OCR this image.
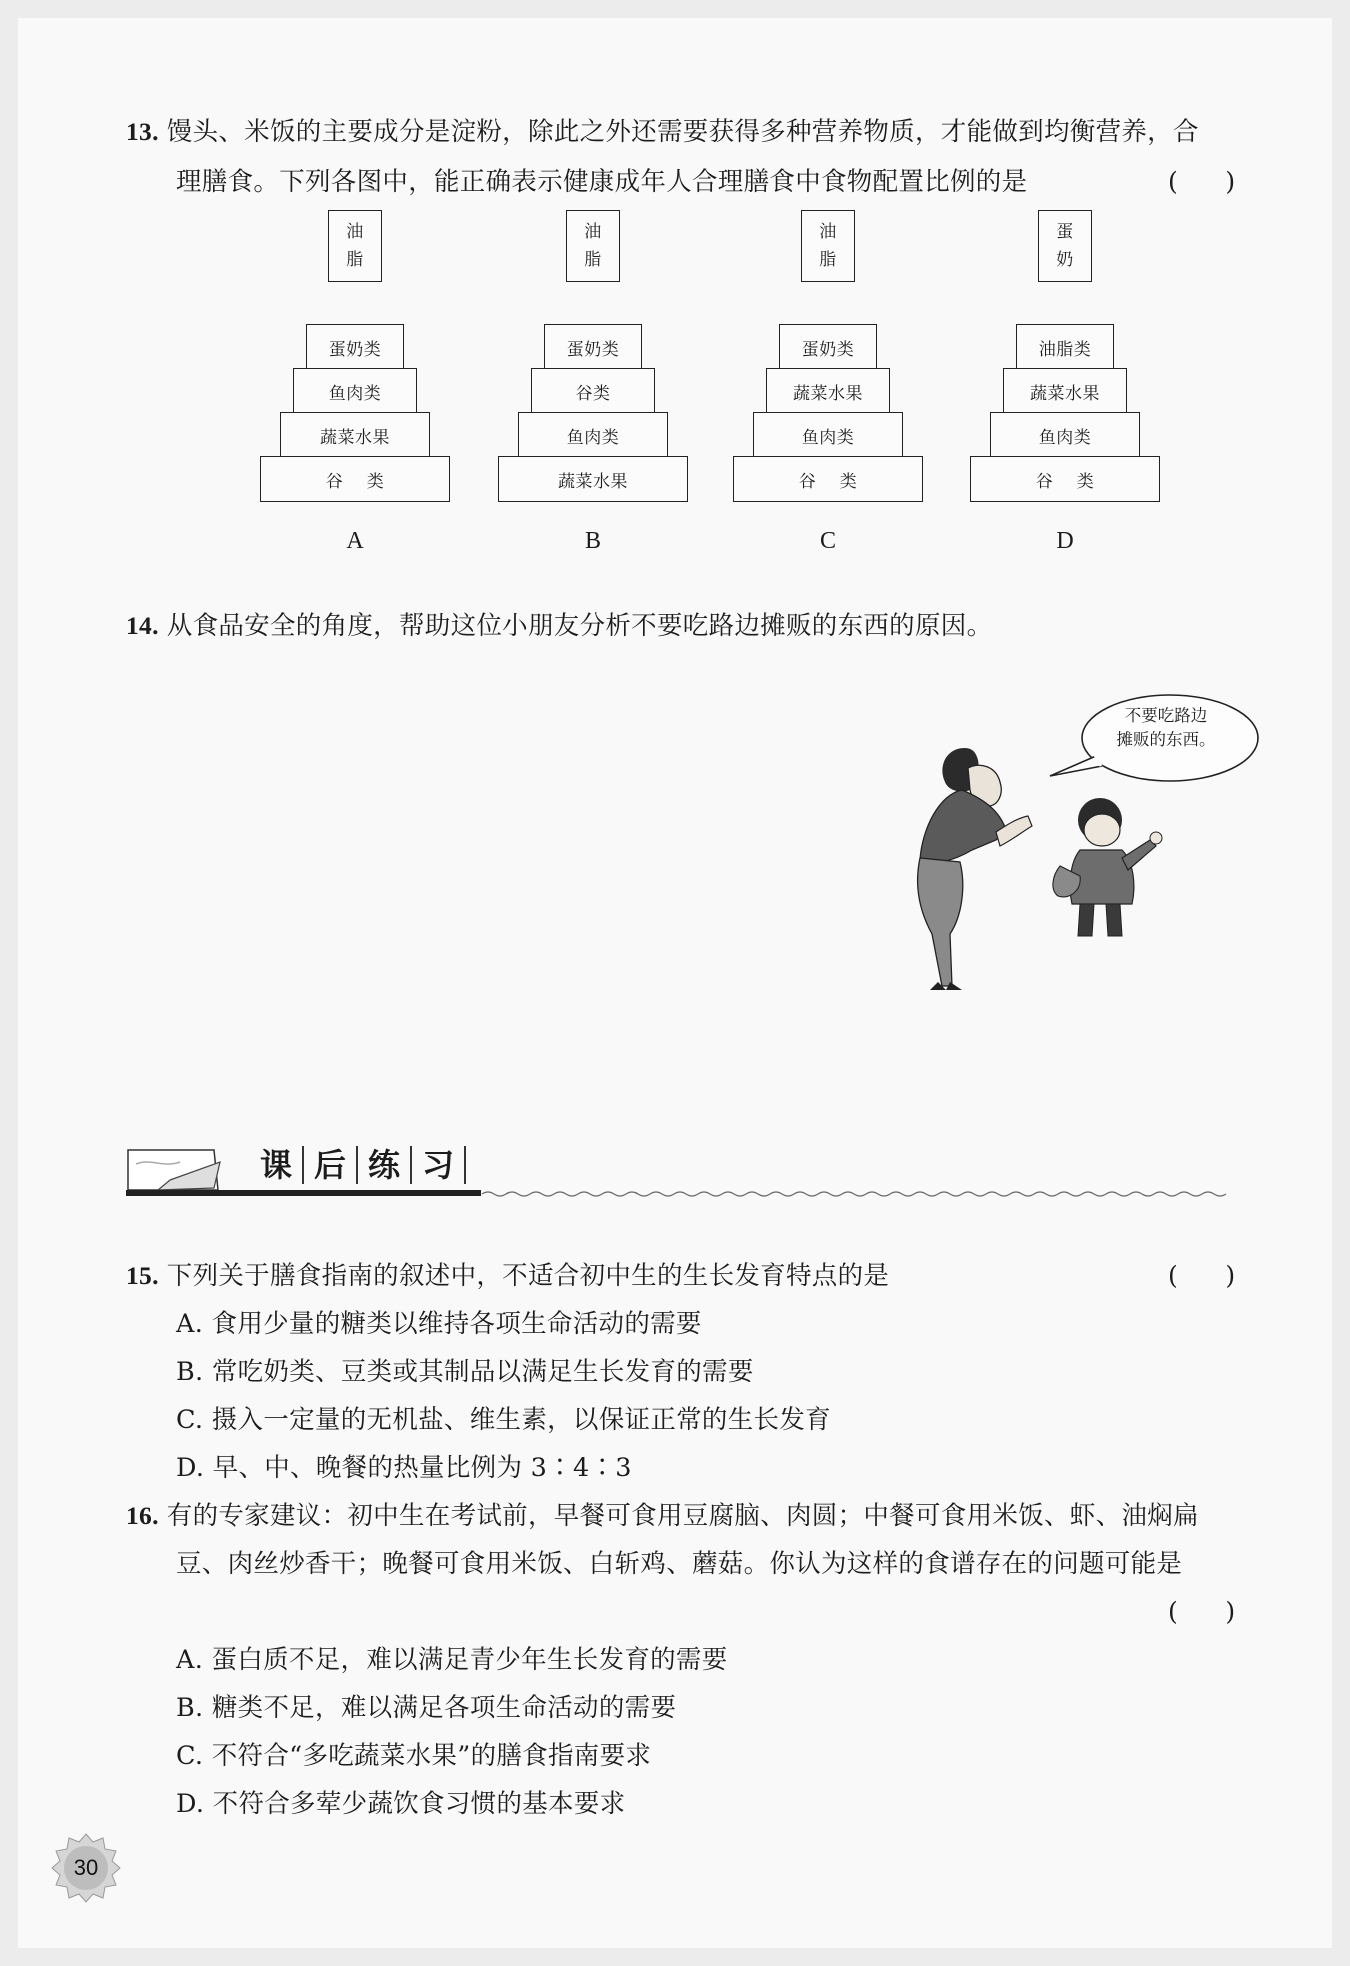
13. 馒头、米饭的主要成分是淀粉，除此之外还需要获得多种营养物质，才能做到均衡营养，合
理膳食。下列各图中，能正确表示健康成年人合理膳食中食物配置比例的是	(      )
蛋奶类
鱼肉类
蔬菜水果
谷　 类
油
脂
A
蛋奶类
谷类
鱼肉类
蔬菜水果
油
脂
B
蛋奶类
蔬菜水果
鱼肉类
谷　 类
油
脂
C
油脂类
蔬菜水果
鱼肉类
谷　 类
蛋
奶
D
14. 从食品安全的角度，帮助这位小朋友分析不要吃路边摊贩的东西的原因。
不要吃路边
摊贩的东西。
课 后 练 习
15. 下列关于膳食指南的叙述中，不适合初中生的生长发育特点的是	(      )
A. 食用少量的糖类以维持各项生命活动的需要
B. 常吃奶类、豆类或其制品以满足生长发育的需要
C. 摄入一定量的无机盐、维生素，以保证正常的生长发育
D. 早、中、晚餐的热量比例为 3∶4∶3
16. 有的专家建议：初中生在考试前，早餐可食用豆腐脑、肉圆；中餐可食用米饭、虾、油焖扁
豆、肉丝炒香干；晚餐可食用米饭、白斩鸡、蘑菇。你认为这样的食谱存在的问题可能是
(      )
A. 蛋白质不足，难以满足青少年生长发育的需要
B. 糖类不足，难以满足各项生命活动的需要
C. 不符合“多吃蔬菜水果”的膳食指南要求
D. 不符合多荤少蔬饮食习惯的基本要求
30
